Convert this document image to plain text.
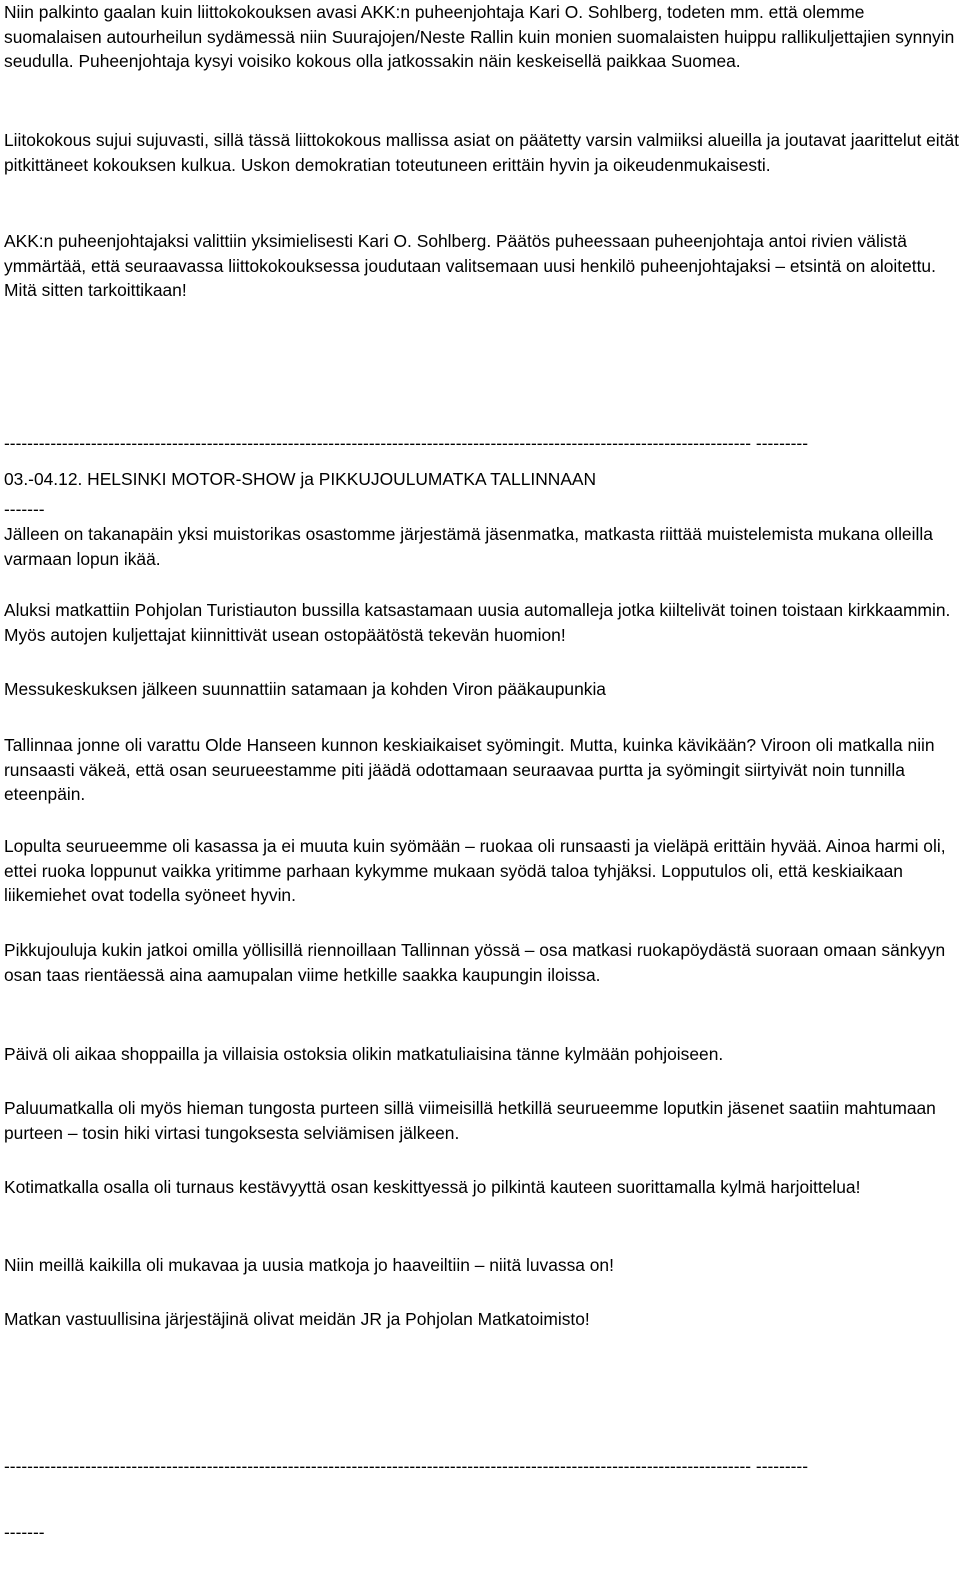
Niin palkinto gaalan kuin liittokokouksen avasi AKK:n puheenjohtaja Kari O. Sohlberg, todeten mm. että olemme suomalaisen autourheilun sydämessä niin Suurajojen/Neste Rallin kuin monien suomalaisten huippu rallikuljettajien synnyin seudulla. Puheenjohtaja kysyi voisiko kokous olla jatkossakin näin keskeisellä paikkaa Suomea.

Liitokokous sujui sujuvasti, sillä tässä liittokokous mallissa asiat on päätetty varsin valmiiksi alueilla ja joutavat jaarittelut eität pitkittäneet kokouksen kulkua. Uskon demokratian toteutuneen erittäin hyvin ja oikeudenmukaisesti.

AKK:n puheenjohtajaksi valittiin yksimielisesti Kari O. Sohlberg. Päätös puheessaan puheenjohtaja antoi rivien välistä ymmärtää, että seuraavassa liittokokouksessa joudutaan valitsemaan uusi henkilö puheenjohtajaksi – etsintä on aloitettu. Mitä sitten tarkoittikaan!

--------------------------------------------------------------------------------------------------------------------------------- ---------

-------

03.-04.12. HELSINKI MOTOR-SHOW ja PIKKUJOULUMATKA TALLINNAAN

Jälleen on takanapäin yksi muistorikas osastomme järjestämä jäsenmatka, matkasta riittää muistelemista mukana olleilla varmaan lopun ikää.

Aluksi matkattiin Pohjolan Turistiauton bussilla katsastamaan uusia automalleja jotka kiiltelivät toinen toistaan kirkkaammin. Myös autojen kuljettajat kiinnittivät usean ostopäätöstä tekevän huomion!

Messukeskuksen jälkeen suunnattiin satamaan ja kohden Viron pääkaupunkia

Tallinnaa jonne oli varattu Olde Hanseen kunnon keskiaikaiset syömingit. Mutta, kuinka kävikään? Viroon oli matkalla niin runsaasti väkeä, että osan seurueestamme piti jäädä odottamaan seuraavaa purtta ja syömingit siirtyivät noin tunnilla eteenpäin.

Lopulta seurueemme oli kasassa ja ei muuta kuin syömään – ruokaa oli runsaasti ja vieläpä erittäin hyvää. Ainoa harmi oli, ettei ruoka loppunut vaikka yritimme parhaan kykymme mukaan syödä taloa tyhjäksi. Lopputulos oli, että keskiaikaan liikemiehet ovat todella syöneet hyvin.

Pikkujouluja kukin jatkoi omilla yöllisillä riennoillaan Tallinnan yössä – osa matkasi ruokapöydästä suoraan omaan sänkyyn osan taas rientäessä aina aamupalan viime hetkille saakka kaupungin iloissa.

Päivä oli aikaa shoppailla ja villaisia ostoksia olikin matkatuliaisina tänne kylmään pohjoiseen.

Paluumatkalla oli myös hieman tungosta purteen sillä viimeisillä hetkillä seurueemme loputkin jäsenet saatiin mahtumaan purteen – tosin hiki virtasi tungoksesta selviämisen jälkeen.

Kotimatkalla osalla oli turnaus kestävyyttä osan keskittyessä jo pilkintä kauteen suorittamalla kylmä harjoittelua!

Niin meillä kaikilla oli mukavaa ja uusia matkoja jo haaveiltiin – niitä luvassa on!

Matkan vastuullisina järjestäjinä olivat meidän JR ja Pohjolan Matkatoimisto!

--------------------------------------------------------------------------------------------------------------------------------- ---------

-------
